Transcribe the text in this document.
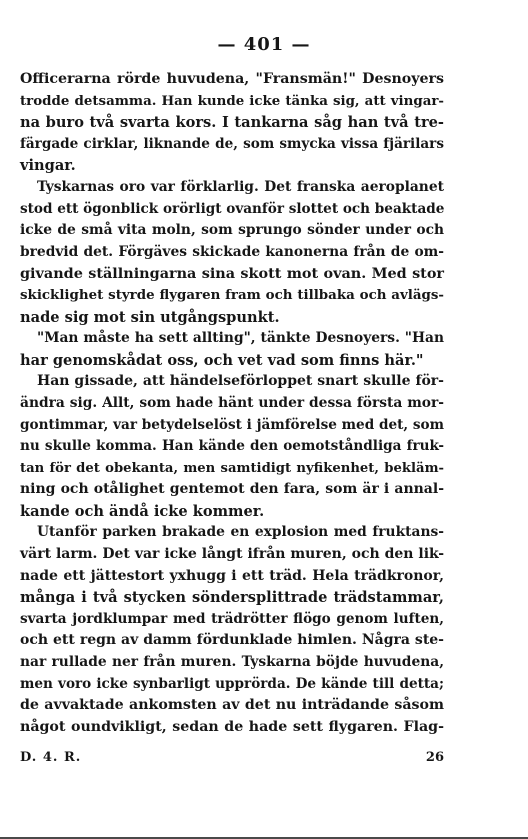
— 401 —
Officerarna rörde huvudena, "Fransmän!" Desnoyers
trodde detsamma. Han kunde icke tänka sig, att vingar-
na buro två svarta kors. I tankarna såg han två tre-
färgade cirklar, liknande de, som smycka vissa fjärilars
vingar.
Tyskarnas oro var förklarlig. Det franska aeroplanet
stod ett ögonblick orörligt ovanför slottet och beaktade
icke de små vita moln, som sprungo sönder under och
bredvid det. Förgäves skickade kanonerna från de om-
givande ställningarna sina skott mot ovan. Med stor
skicklighet styrde flygaren fram och tillbaka och avlägs-
nade sig mot sin utgångspunkt.
"Man måste ha sett allting", tänkte Desnoyers. "Han
har genomskådat oss, och vet vad som finns här."
Han gissade, att händelseförloppet snart skulle för-
ändra sig. Allt, som hade hänt under dessa första mor-
gontimmar, var betydelselöst i jämförelse med det, som
nu skulle komma. Han kände den oemotståndliga fruk-
tan för det obekanta, men samtidigt nyfikenhet, bekläm-
ning och otålighet gentemot den fara, som är i annal-
kande och ändå icke kommer.
Utanför parken brakade en explosion med fruktans-
värt larm. Det var icke långt ifrån muren, och den lik-
nade ett jättestort yxhugg i ett träd. Hela trädkronor,
många i två stycken söndersplittrade trädstammar,
svarta jordklumpar med trädrötter flögo genom luften,
och ett regn av damm fördunklade himlen. Några ste-
nar rullade ner från muren. Tyskarna böjde huvudena,
men voro icke synbarligt upprörda. De kände till detta;
de avvaktade ankomsten av det nu inträdande såsom
något oundvikligt, sedan de hade sett flygaren. Flag-
D. 4. R.	26
